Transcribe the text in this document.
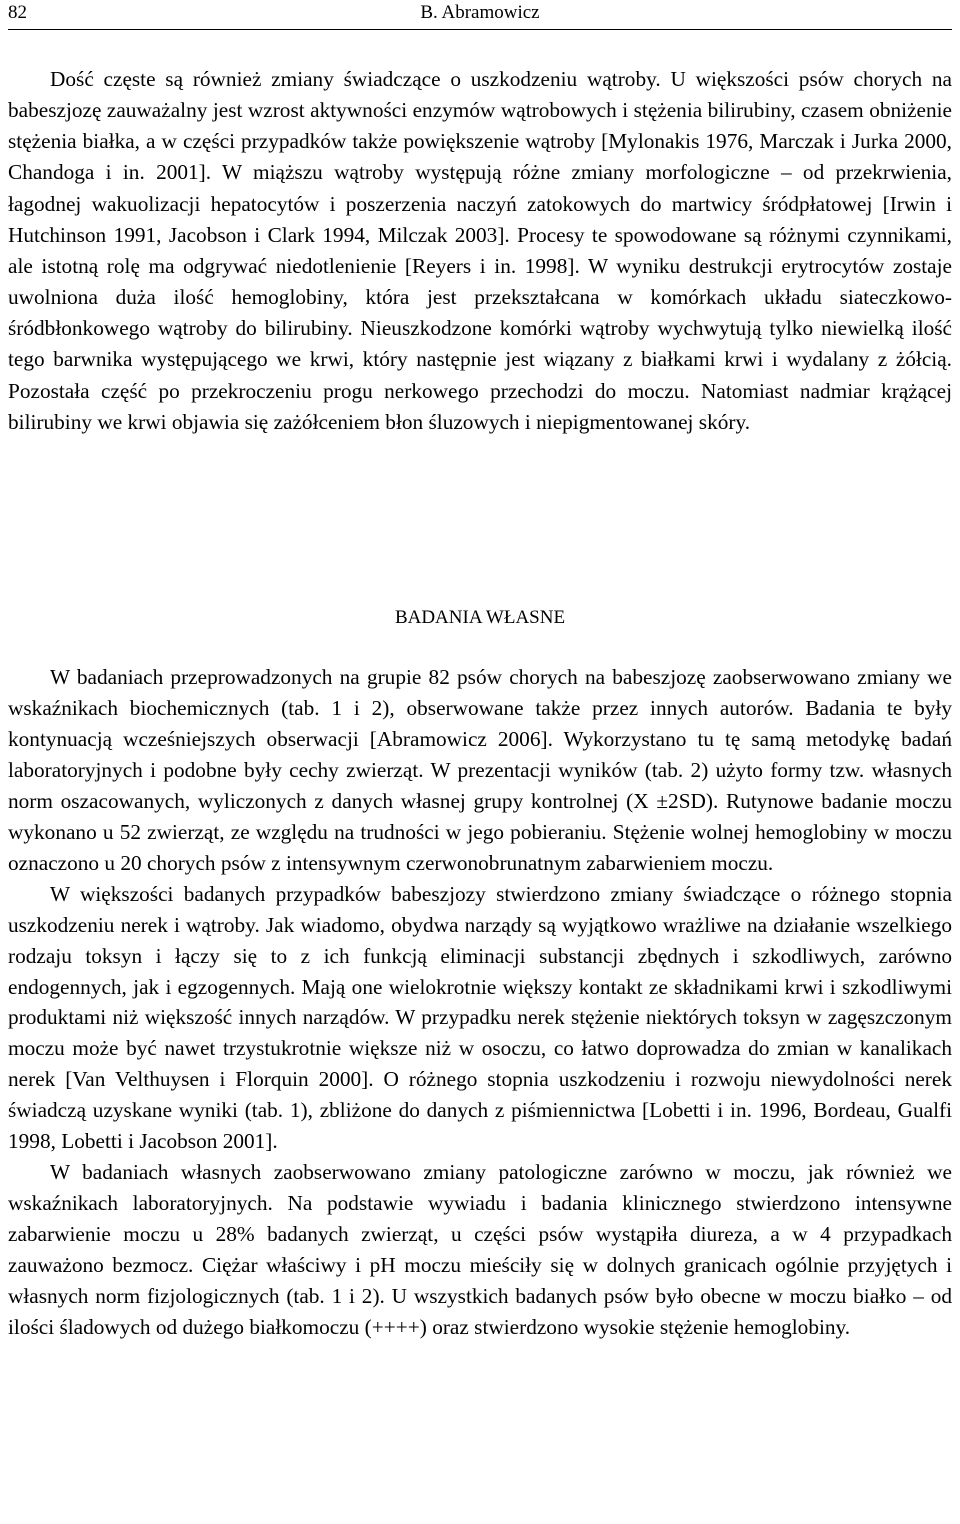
82	B. Abramowicz

Dość częste są również zmiany świadczące o uszkodzeniu wątroby. U większości psów chorych na babeszjozę zauważalny jest wzrost aktywności enzymów wątrobowych i stężenia bilirubiny, czasem obniżenie stężenia białka, a w części przypadków także powiększenie wątroby [Mylonakis 1976, Marczak i Jurka 2000, Chandoga i in. 2001]. W miąższu wątroby występują różne zmiany morfologiczne – od przekrwienia, łagodnej wakuolizacji hepatocytów i poszerzenia naczyń zatokowych do martwicy śródpłatowej [Irwin i Hutchinson 1991, Jacobson i Clark 1994, Milczak 2003]. Procesy te spowodowane są różnymi czynnikami, ale istotną rolę ma odgrywać niedotlenienie [Reyers i in. 1998]. W wyniku destrukcji erytrocytów zostaje uwolniona duża ilość hemoglobiny, która jest przekształcana w komórkach układu siateczkowo-śródbłonkowego wątroby do bilirubiny. Nieuszkodzone komórki wątroby wychwytują tylko niewielką ilość tego barwnika występującego we krwi, który następnie jest wiązany z białkami krwi i wydalany z żółcią. Pozostała część po przekroczeniu progu nerkowego przechodzi do moczu. Natomiast nadmiar krążącej bilirubiny we krwi objawia się zażółceniem błon śluzowych i niepigmentowanej skóry.

BADANIA WŁASNE

W badaniach przeprowadzonych na grupie 82 psów chorych na babeszjozę zaobserwowano zmiany we wskaźnikach biochemicznych (tab. 1 i 2), obserwowane także przez innych autorów. Badania te były kontynuacją wcześniejszych obserwacji [Abramowicz 2006]. Wykorzystano tu tę samą metodykę badań laboratoryjnych i podobne były cechy zwierząt. W prezentacji wyników (tab. 2) użyto formy tzw. własnych norm oszacowanych, wyliczonych z danych własnej grupy kontrolnej (X ±2SD). Rutynowe badanie moczu wykonano u 52 zwierząt, ze względu na trudności w jego pobieraniu. Stężenie wolnej hemoglobiny w moczu oznaczono u 20 chorych psów z intensywnym czerwonobrunatnym zabarwieniem moczu.

W większości badanych przypadków babeszjozy stwierdzono zmiany świadczące o różnego stopnia uszkodzeniu nerek i wątroby. Jak wiadomo, obydwa narządy są wyjątkowo wrażliwe na działanie wszelkiego rodzaju toksyn i łączy się to z ich funkcją eliminacji substancji zbędnych i szkodliwych, zarówno endogennych, jak i egzogennych. Mają one wielokrotnie większy kontakt ze składnikami krwi i szkodliwymi produktami niż większość innych narządów. W przypadku nerek stężenie niektórych toksyn w zagęszczonym moczu może być nawet trzystukrotnie większe niż w osoczu, co łatwo doprowadza do zmian w kanalikach nerek [Van Velthuysen i Florquin 2000]. O różnego stopnia uszkodzeniu i rozwoju niewydolności nerek świadczą uzyskane wyniki (tab. 1), zbliżone do danych z piśmiennictwa [Lobetti i in. 1996, Bordeau, Gualfi 1998, Lobetti i Jacobson 2001].

W badaniach własnych zaobserwowano zmiany patologiczne zarówno w moczu, jak również we wskaźnikach laboratoryjnych. Na podstawie wywiadu i badania klinicznego stwierdzono intensywne zabarwienie moczu u 28% badanych zwierząt, u części psów wystąpiła diureza, a w 4 przypadkach zauważono bezmocz. Ciężar właściwy i pH moczu mieściły się w dolnych granicach ogólnie przyjętych i własnych norm fizjologicznych (tab. 1 i 2). U wszystkich badanych psów było obecne w moczu białko – od ilości śladowych od dużego białkomoczu (++++) oraz stwierdzono wysokie stężenie hemoglobiny.
